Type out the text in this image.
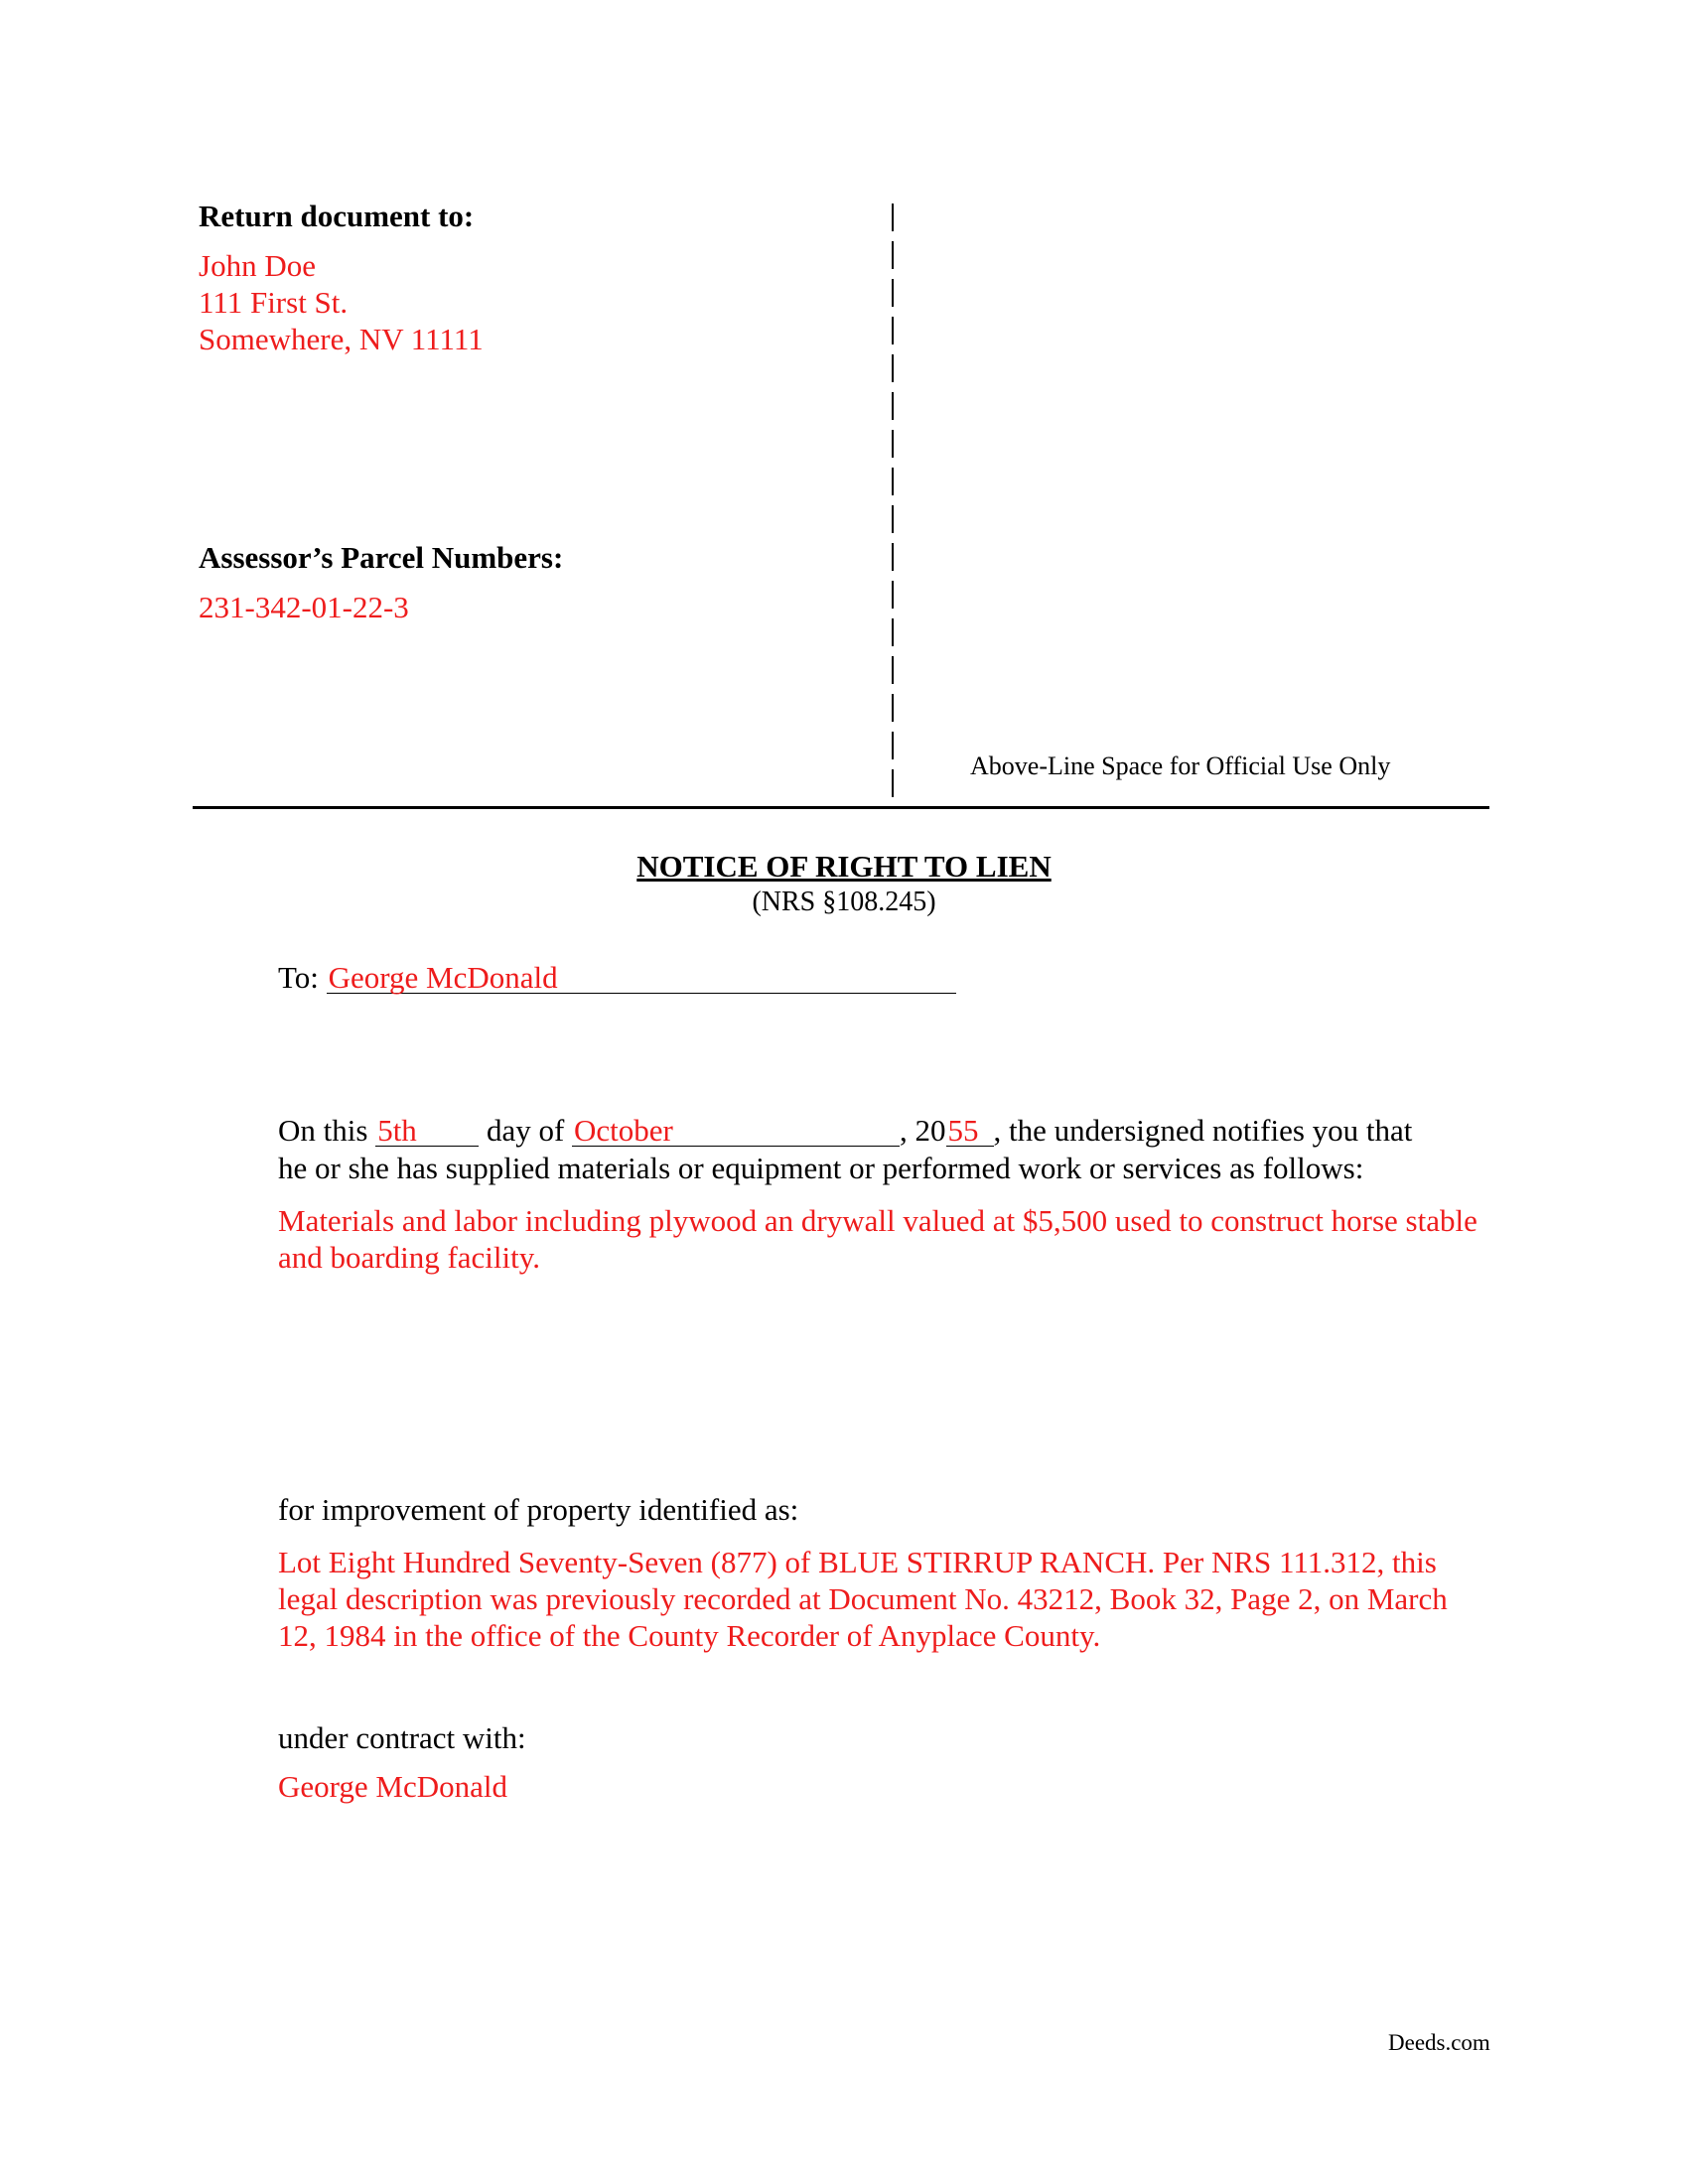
Return document to:
John Doe
111 First St.
Somewhere, NV 11111
Assessor’s Parcel Numbers:
231-342-01-22-3
Above-Line Space for Official Use Only
NOTICE OF RIGHT TO LIEN
(NRS §108.245)
To: George McDonald
On this 5th day of October	, 2055 , the undersigned notifies you that
he or she has supplied materials or equipment or performed work or services as follows:
Materials and labor including plywood an drywall valued at $5,500 used to construct horse stable and boarding facility.
for improvement of property identified as:
Lot Eight Hundred Seventy-Seven (877) of BLUE STIRRUP RANCH. Per NRS 111.312, this legal description was previously recorded at Document No. 43212, Book 32, Page 2, on March 12, 1984 in the office of the County Recorder of Anyplace County.
under contract with:
George McDonald
Deeds.com
